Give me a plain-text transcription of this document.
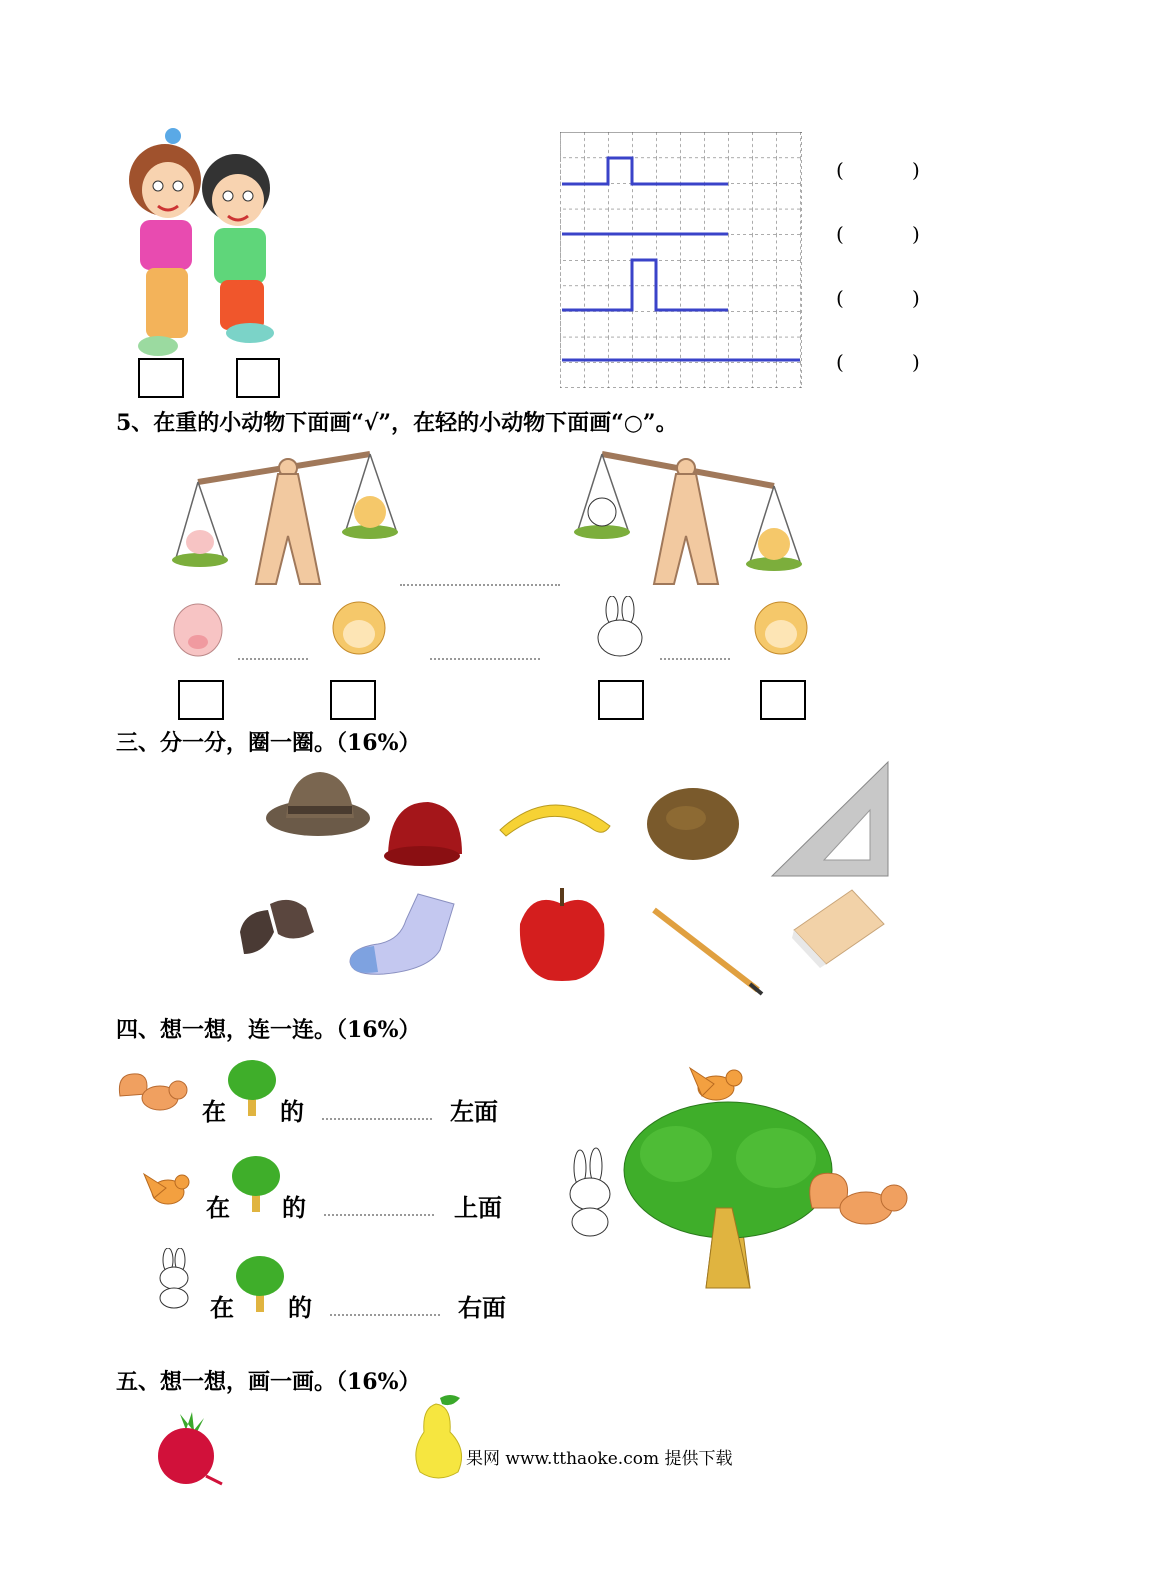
(	)
(	)
(	)
(	)
5、在重的小动物下面画“√”，在轻的小动物下面画“○”。
三、分一分，圈一圈。（16%）
四、想一想，连一连。（16%）
在 的	左面
在 的	上面
在 的	右面
五、想一想，画一画。（16%）
果网 www.tthaoke.com 提供下载
